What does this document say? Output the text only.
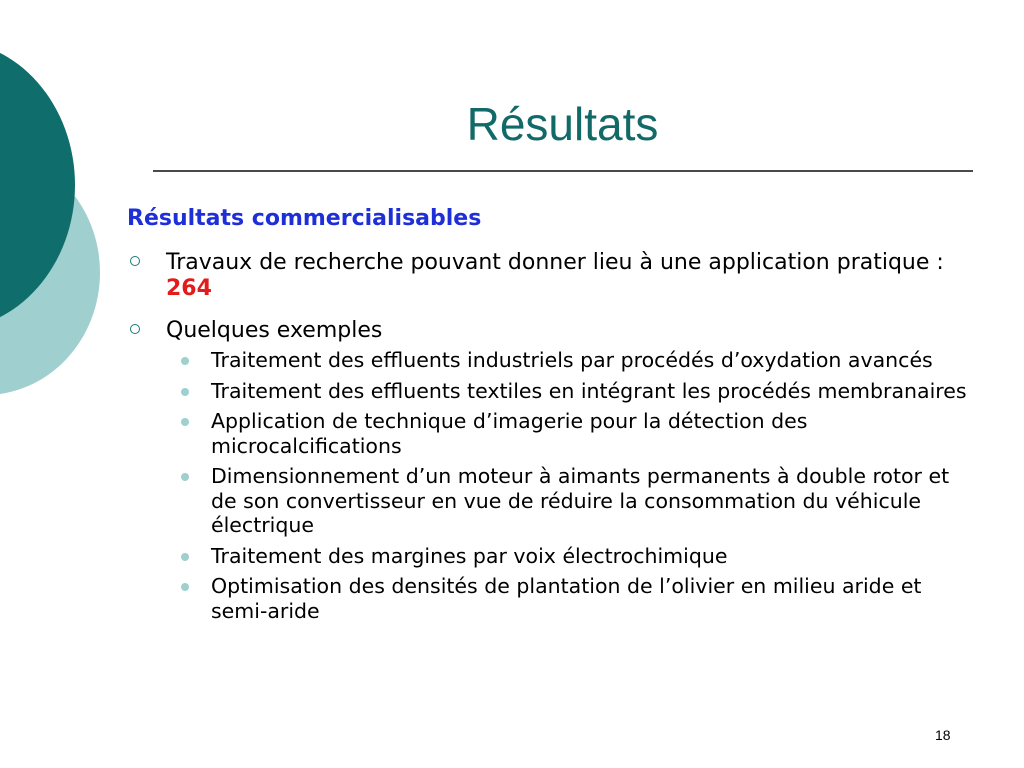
Résultats
Résultats commercialisables
Travaux de recherche pouvant donner lieu à une application pratique : 264
Quelques exemples
Traitement des effluents industriels par procédés d’oxydation avancés
Traitement des effluents textiles en intégrant les procédés membranaires
Application de technique d’imagerie pour la détection des microcalcifications
Dimensionnement d’un moteur à aimants permanents à double rotor et de son convertisseur en vue de réduire la consommation du véhicule électrique
Traitement des margines par voix électrochimique
Optimisation des densités de plantation de l’olivier en milieu aride et semi-aride
18
